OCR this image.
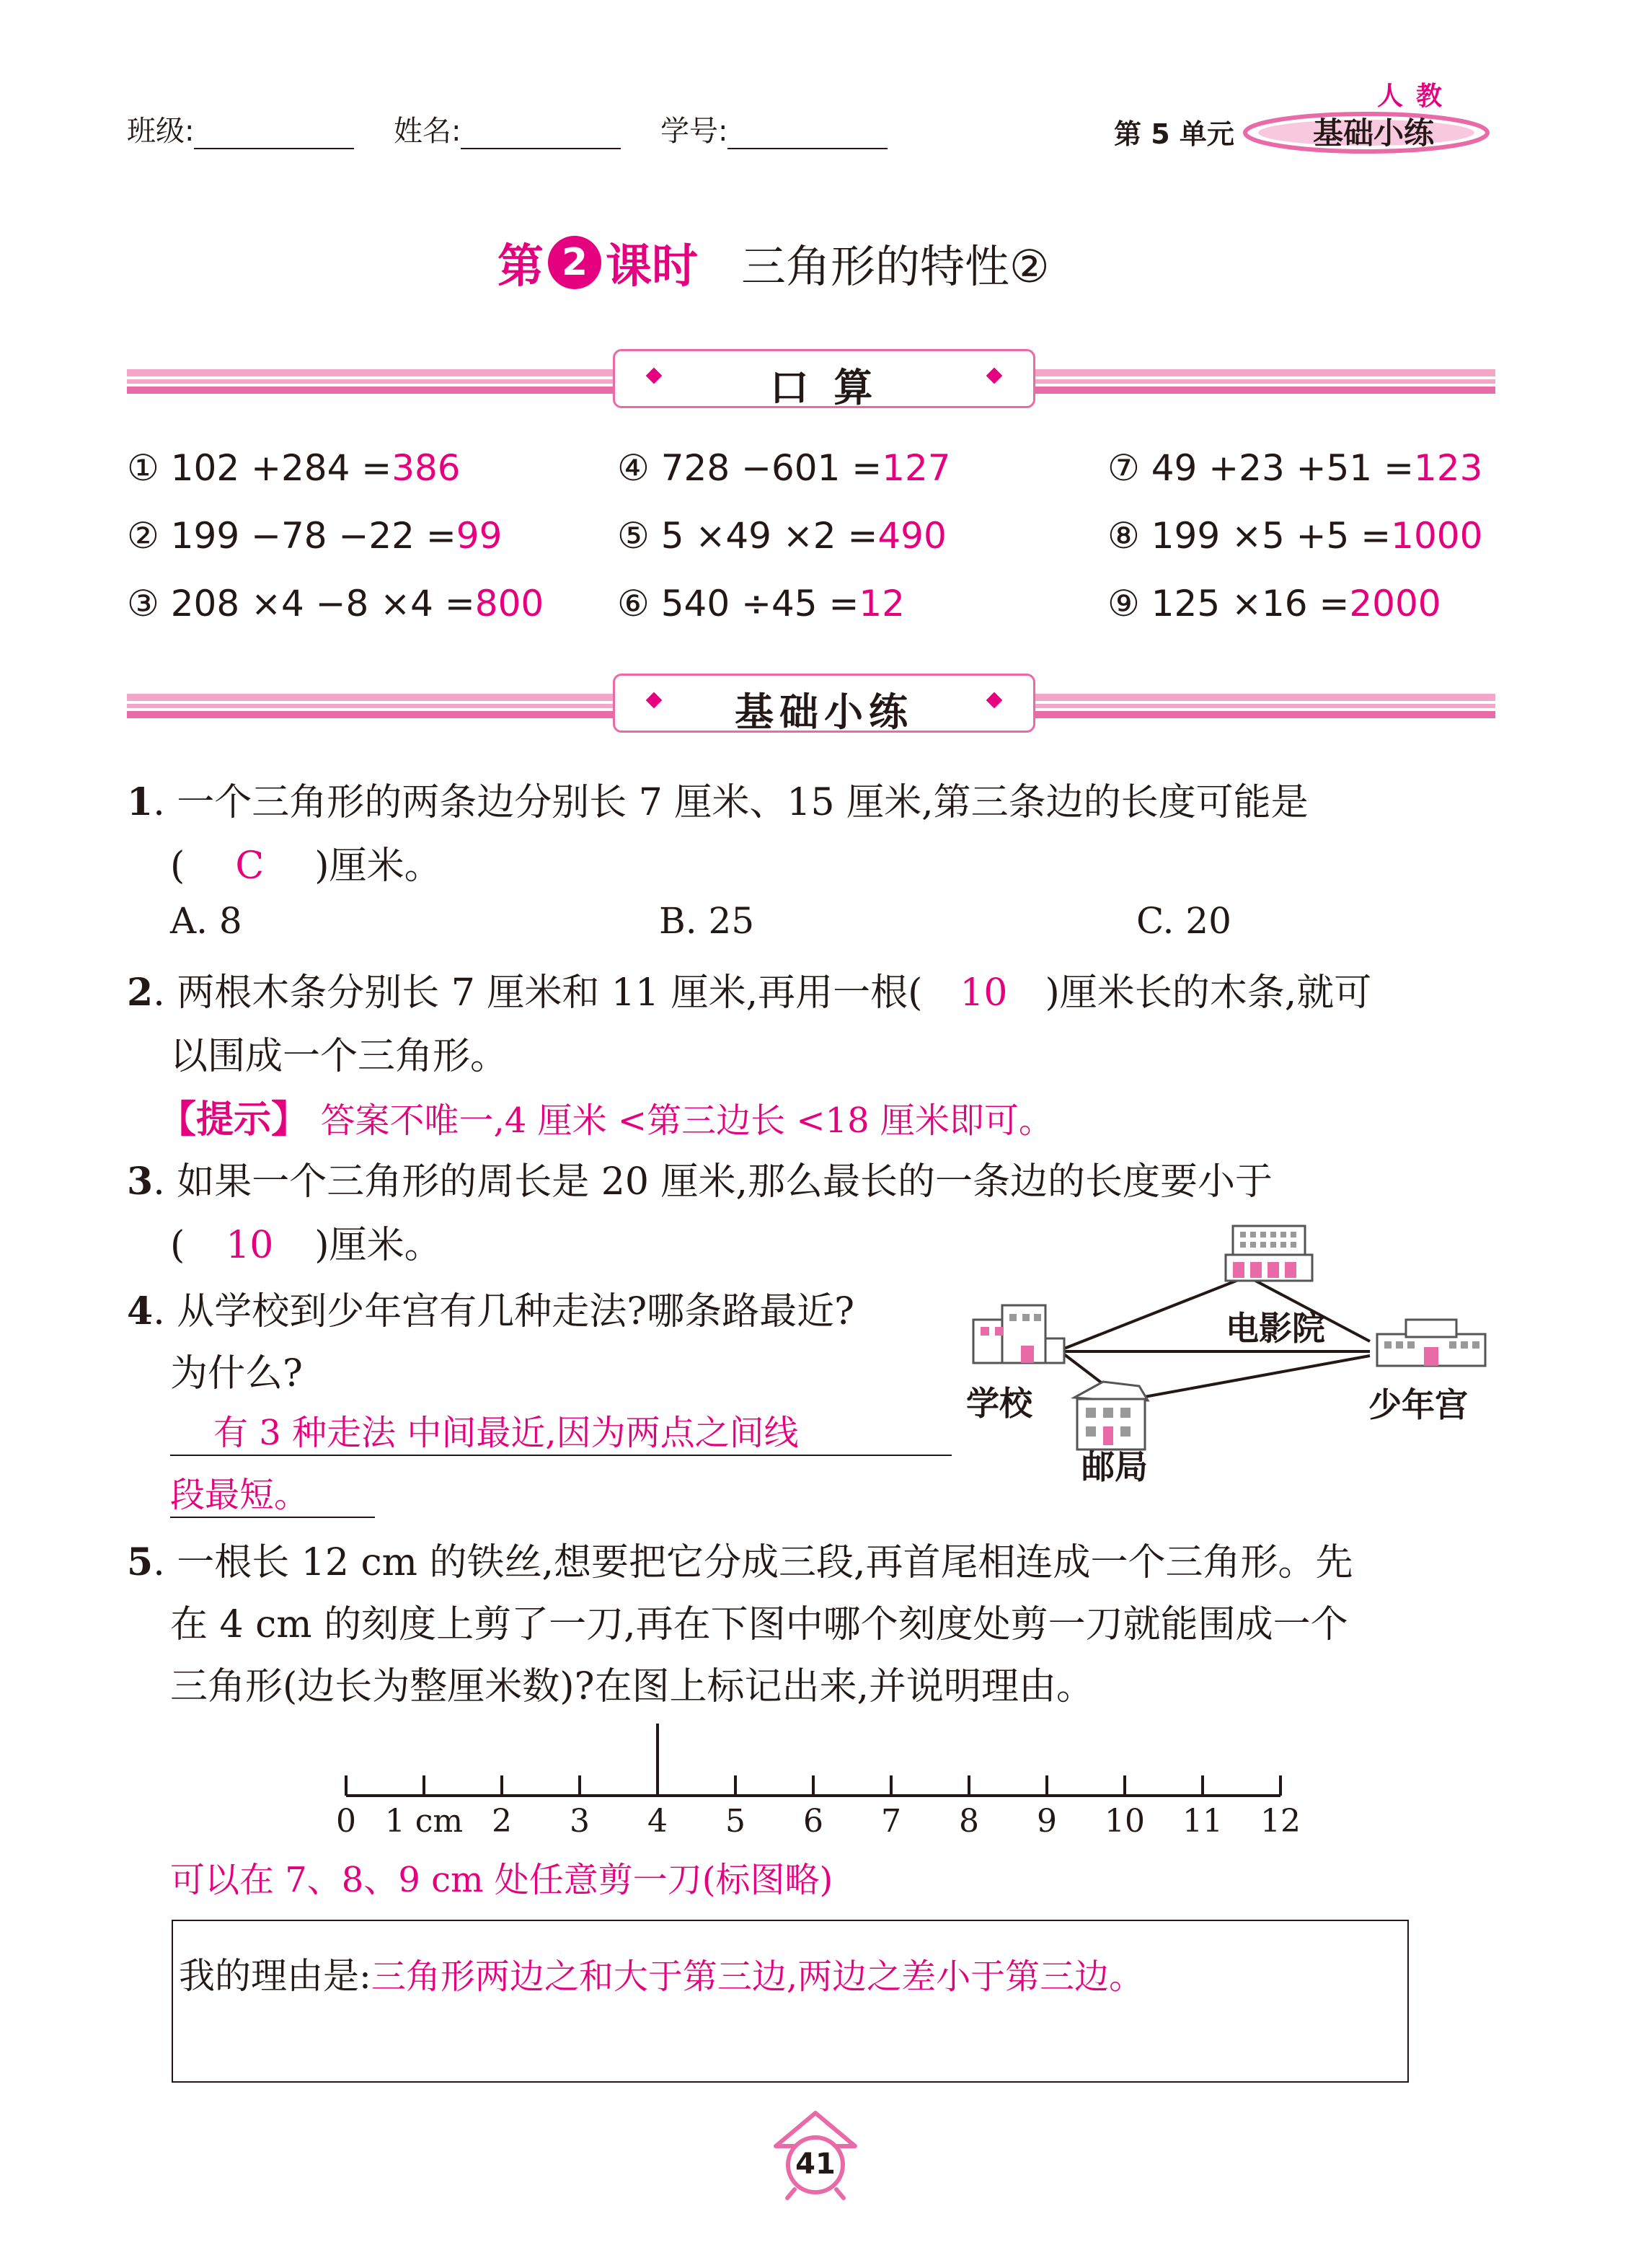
班级:	姓名:	学号:	第 5 单元
人教
基础小练
第 2 课时 三角形的特性②
口 算
① 102 +284 =386	④ 728 −601 =127	⑦ 49 +23 +51 =123
② 199 −78 −22 =99	⑤ 5 ×49 ×2 =490	⑧ 199 ×5 +5 =1000
③ 208 ×4 −8 ×4 =800 ⑥ 540 ÷45 =12	⑨ 125 ×16 =2000
基础小练
1. 一个三角形的两条边分别长 7 厘米、15 厘米,第三条边的长度可能是
( C )厘米。
A. 8	B. 25	C. 20
2. 两根木条分别长 7 厘米和 11 厘米,再用一根( 10 )厘米长的木条,就可
以围成一个三角形。
【提示】 答案不唯一,4 厘米 <第三边长 <18 厘米即可。
3. 如果一个三角形的周长是 20 厘米,那么最长的一条边的长度要小于
( 10 )厘米。
4. 从学校到少年宫有几种走法?哪条路最近?
为什么?
有 3 种走法 中间最近,因为两点之间线
段最短。
学校
电影院
少年宫
邮局
5. 一根长 12 cm 的铁丝,想要把它分成三段,再首尾相连成一个三角形。先
在 4 cm 的刻度上剪了一刀,再在下图中哪个刻度处剪一刀就能围成一个
三角形(边长为整厘米数)?在图上标记出来,并说明理由。
0 1 cm 2	3	4	5	6	7	8	9	10	11	12
可以在 7、8、9 cm 处任意剪一刀(标图略)
我的理由是:三角形两边之和大于第三边,两边之差小于第三边。
41
